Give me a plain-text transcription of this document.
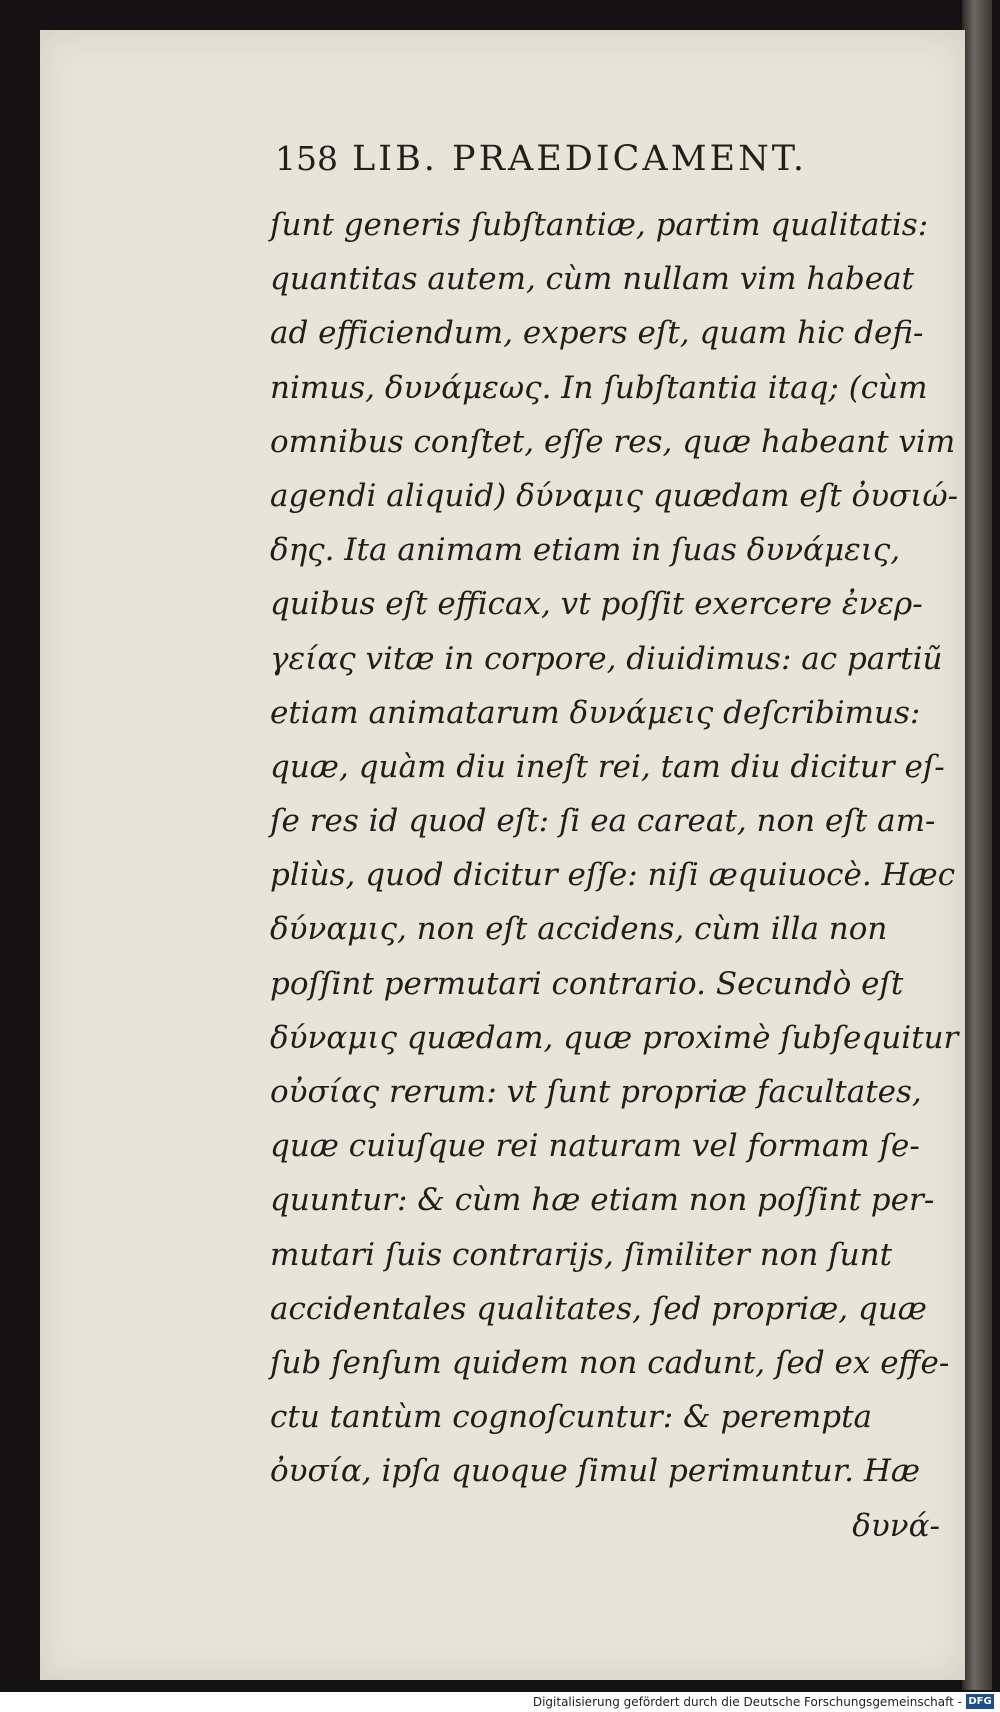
158 LIB. PRAEDICAMENT.
ſunt generis ſubſtantiæ, partim qualitatis:
quantitas autem, cùm nullam vim habeat
ad efficiendum, expers eſt, quam hic defi-
nimus, δυνάμεως. In ſubſtantia itaq; (cùm
omnibus conſtet, eſſe res, quæ habeant vim
agendi aliquid) δύναμις quædam eſt ὀυσιώ-
δης. Ita animam etiam in ſuas δυνάμεις,
quibus eſt efficax, vt poſſit exercere ἐνερ-
γείας vitæ in corpore, diuidimus: ac partiũ
etiam animatarum δυνάμεις deſcribimus:
quæ, quàm diu ineſt rei, tam diu dicitur eſ-
ſe res id quod eſt: ſi ea careat, non eſt am-
pliùs, quod dicitur eſſe: niſi æquiuocè. Hæc
δύναμις, non eſt accidens, cùm illa non
poſſint permutari contrario. Secundò eſt
δύναμις quædam, quæ proximè ſubſequitur
οὐσίας rerum: vt ſunt propriæ facultates,
quæ cuiuſque rei naturam vel formam ſe-
quuntur: & cùm hæ etiam non poſſint per-
mutari ſuis contrarijs, ſimiliter non ſunt
accidentales qualitates, ſed propriæ, quæ
ſub ſenſum quidem non cadunt, ſed ex effe-
ctu tantùm cognoſcuntur: & perempta
ὀυσία, ipſa quoque ſimul perimuntur. Hæ
δυνά-
Digitalisierung gefördert durch die Deutsche Forschungsgemeinschaft - DFG
